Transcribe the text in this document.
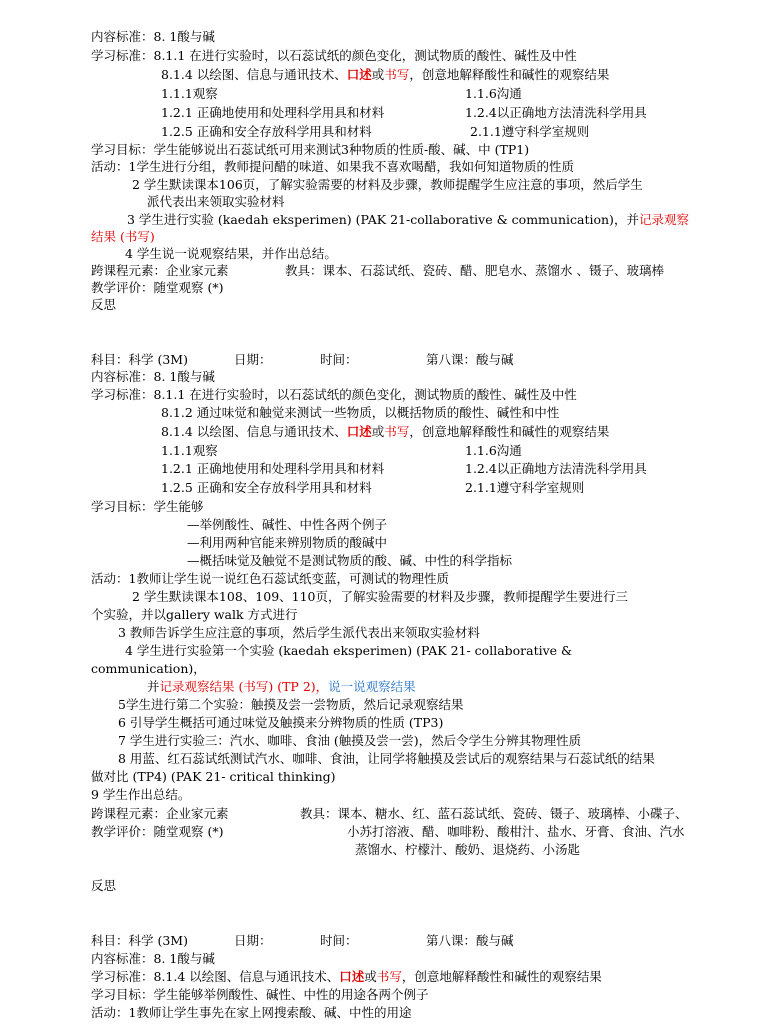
内容标准：8. 1酸与碱
学习标准：8.1.1 在进行实验时，以石蕊试纸的颜色变化，测试物质的酸性、碱性及中性
8.1.4 以绘图、信息与通讯技术、口述或书写，创意地解释酸性和碱性的观察结果
1.1.1观察	1.1.6沟通
1.2.1 正确地使用和处理科学用具和材料	1.2.4以正确地方法清洗科学用具
1.2.5 正确和安全存放科学用具和材料	2.1.1遵守科学室规则
学习目标：学生能够说出石蕊试纸可用来测试3种物质的性质-酸、碱、中 (TP1)
活动：1学生进行分组，教师提问醋的味道、如果我不喜欢喝醋，我如何知道物质的性质
2 学生默读课本106页，了解实验需要的材料及步骤，教师提醒学生应注意的事项，然后学生
派代表出来领取实验材料
3 学生进行实验 (kaedah eksperimen) (PAK 21-collaborative & communication)，并记录观察
结果 (书写)
4 学生说一说观察结果，并作出总结。
跨课程元素：企业家元素	教具：课本、石蕊试纸、瓷砖、醋、肥皂水、蒸馏水 、镊子、玻璃棒
教学评价：随堂观察 (*)
反思
科目：科学 (3M)	日期：	时间：	第八课：酸与碱
内容标准：8. 1酸与碱
学习标准：8.1.1 在进行实验时，以石蕊试纸的颜色变化，测试物质的酸性、碱性及中性
8.1.2 通过味觉和触觉来测试一些物质，以概括物质的酸性、碱性和中性
8.1.4 以绘图、信息与通讯技术、口述或书写，创意地解释酸性和碱性的观察结果
1.1.1观察	1.1.6沟通
1.2.1 正确地使用和处理科学用具和材料	1.2.4以正确地方法清洗科学用具
1.2.5 正确和安全存放科学用具和材料	2.1.1遵守科学室规则
学习目标：学生能够
—举例酸性、碱性、中性各两个例子
—利用两种官能来辨别物质的酸碱中
—概括味觉及触觉不是测试物质的酸、碱、中性的科学指标
活动：1教师让学生说一说红色石蕊试纸变蓝，可测试的物理性质
2 学生默读课本108、109、110页，了解实验需要的材料及步骤，教师提醒学生要进行三
个实验，并以gallery walk 方式进行
3 教师告诉学生应注意的事项，然后学生派代表出来领取实验材料
4 学生进行实验第一个实验 (kaedah eksperimen) (PAK 21- collaborative &
communication)，
并记录观察结果 (书写) (TP 2)，说一说观察结果
5学生进行第二个实验：触摸及尝一尝物质，然后记录观察结果
6 引导学生概括可通过味觉及触摸来分辨物质的性质 (TP3)
7 学生进行实验三：汽水、咖啡、食油 (触摸及尝一尝)，然后令学生分辨其物理性质
8 用蓝、红石蕊试纸测试汽水、咖啡、食油，让同学将触摸及尝试后的观察结果与石蕊试纸的结果
做对比 (TP4) (PAK 21- critical thinking)
9 学生作出总结。
跨课程元素：企业家元素	教具：课本、糖水、红、蓝石蕊试纸、瓷砖、镊子、玻璃棒、小碟子、
教学评价：随堂观察 (*)	小苏打溶液、醋、咖啡粉、酸柑汁、盐水、牙膏、食油、汽水
蒸馏水、柠檬汁、酸奶、退烧药、小汤匙
反思
科目：科学 (3M)	日期：	时间：	第八课：酸与碱
内容标准：8. 1酸与碱
学习标准：8.1.4 以绘图、信息与通讯技术、口述或书写，创意地解释酸性和碱性的观察结果
学习目标：学生能够举例酸性、碱性、中性的用途各两个例子
活动：1教师让学生事先在家上网搜索酸、碱、中性的用途
